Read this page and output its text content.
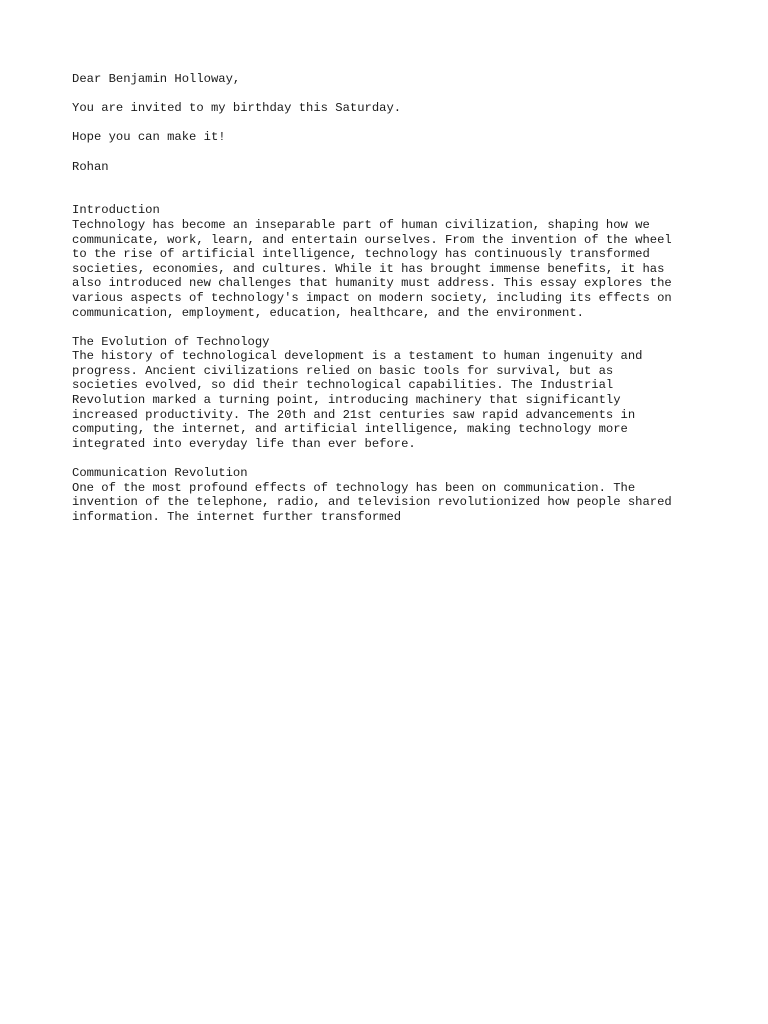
Dear Benjamin Holloway,

You are invited to my birthday this Saturday.

Hope you can make it!

Rohan

Introduction
Technology has become an inseparable part of human civilization, shaping how we
communicate, work, learn, and entertain ourselves. From the invention of the wheel
to the rise of artificial intelligence, technology has continuously transformed
societies, economies, and cultures. While it has brought immense benefits, it has
also introduced new challenges that humanity must address. This essay explores the
various aspects of technology's impact on modern society, including its effects on
communication, employment, education, healthcare, and the environment.
The Evolution of Technology
The history of technological development is a testament to human ingenuity and
progress. Ancient civilizations relied on basic tools for survival, but as
societies evolved, so did their technological capabilities. The Industrial
Revolution marked a turning point, introducing machinery that significantly
increased productivity. The 20th and 21st centuries saw rapid advancements in
computing, the internet, and artificial intelligence, making technology more
integrated into everyday life than ever before.
Communication Revolution
One of the most profound effects of technology has been on communication. The
invention of the telephone, radio, and television revolutionized how people shared
information. The internet further transformed
